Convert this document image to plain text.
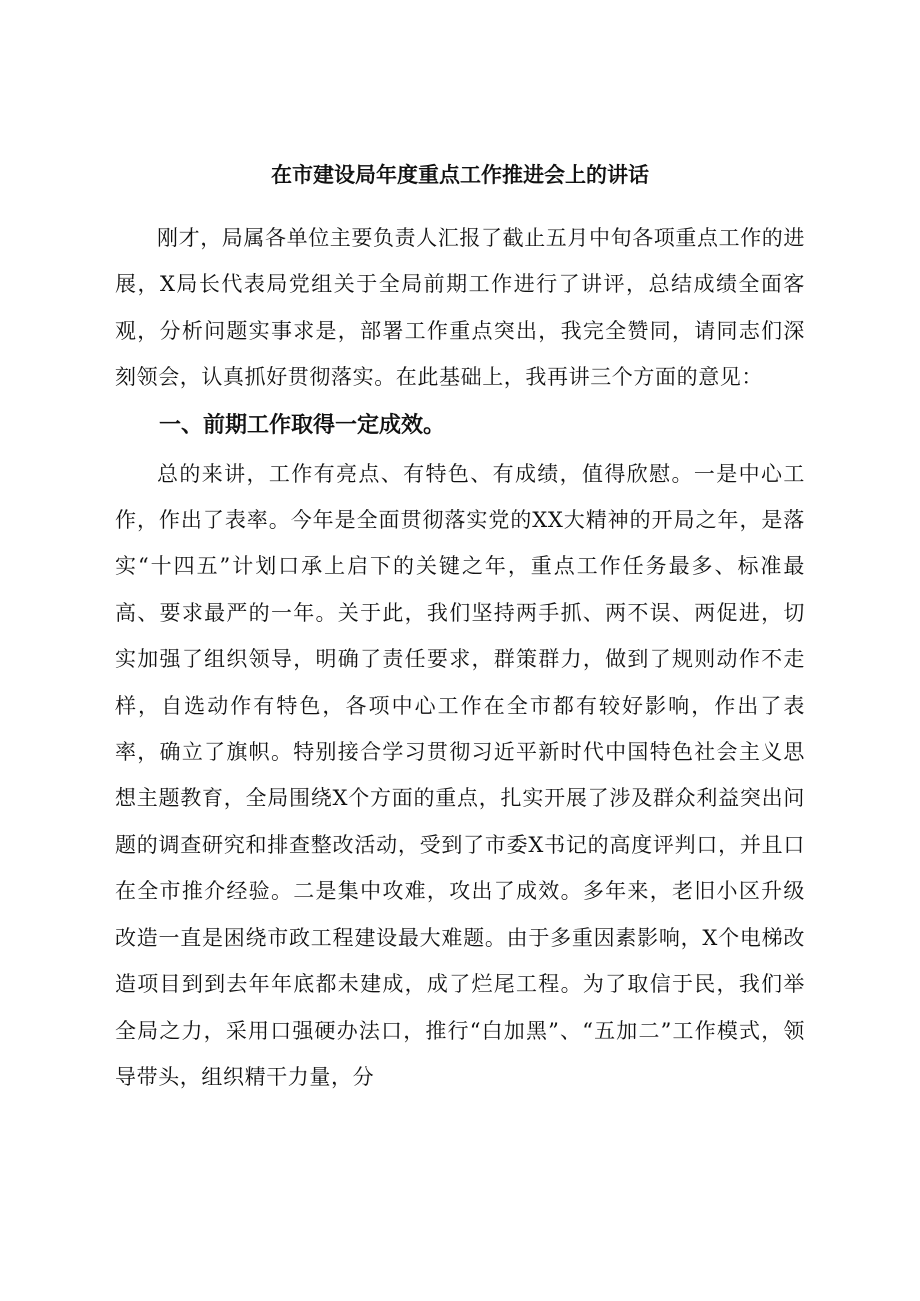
在市建设局年度重点工作推进会上的讲话

刚才，局属各单位主要负责人汇报了截止五月中旬各项重点工作的进展，X局长代表局党组关于全局前期工作进行了讲评，总结成绩全面客观，分析问题实事求是，部署工作重点突出，我完全赞同，请同志们深刻领会，认真抓好贯彻落实。在此基础上，我再讲三个方面的意见：

一、前期工作取得一定成效。

总的来讲，工作有亮点、有特色、有成绩，值得欣慰。一是中心工作，作出了表率。今年是全面贯彻落实党的XX大精神的开局之年，是落实“十四五”计划口承上启下的关键之年，重点工作任务最多、标准最高、要求最严的一年。关于此，我们坚持两手抓、两不误、两促进，切实加强了组织领导，明确了责任要求，群策群力，做到了规则动作不走样，自选动作有特色，各项中心工作在全市都有较好影响，作出了表率，确立了旗帜。特别接合学习贯彻习近平新时代中国特色社会主义思想主题教育，全局围绕X个方面的重点，扎实开展了涉及群众利益突出问题的调查研究和排查整改活动，受到了市委X书记的高度评判口，并且口在全市推介经验。二是集中攻难，攻出了成效。多年来，老旧小区升级改造一直是困绕市政工程建设最大难题。由于多重因素影响，X个电梯改造项目到到去年年底都未建成，成了烂尾工程。为了取信于民，我们举全局之力，采用口强硬办法口，推行“白加黑”、“五加二”工作模式，领导带头，组织精干力量，分
